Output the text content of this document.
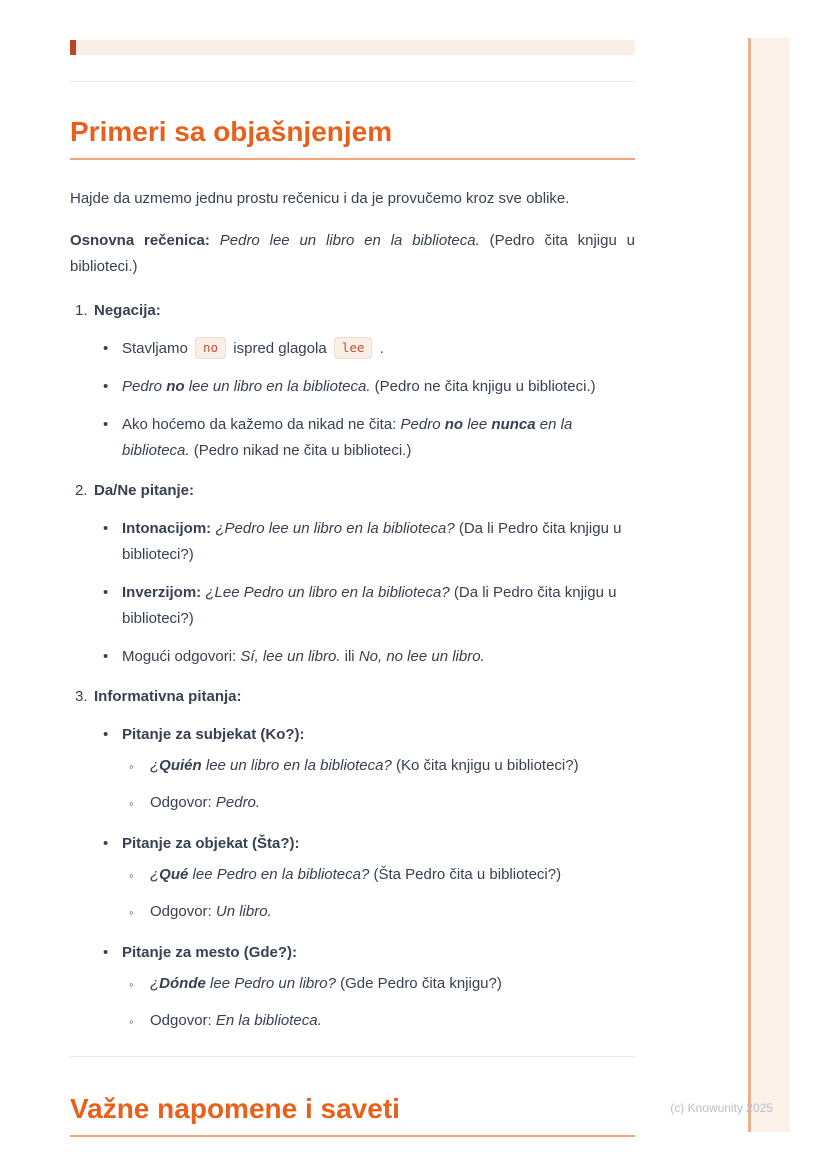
Primeri sa objašnjenjem

Hajde da uzmemo jednu prostu rečenicu i da je provučemo kroz sve oblike.

Osnovna rečenica: Pedro lee un libro en la biblioteca. (Pedro čita knjigu u biblioteci.)

1. Negacija:
• Stavljamo no ispred glagola lee .
• Pedro no lee un libro en la biblioteca. (Pedro ne čita knjigu u biblioteci.)
• Ako hoćemo da kažemo da nikad ne čita: Pedro no lee nunca en la biblioteca. (Pedro nikad ne čita u biblioteci.)
2. Da/Ne pitanje:
• Intonacijom: ¿Pedro lee un libro en la biblioteca? (Da li Pedro čita knjigu u biblioteci?)
• Inverzijom: ¿Lee Pedro un libro en la biblioteca? (Da li Pedro čita knjigu u biblioteci?)
• Mogući odgovori: Sí, lee un libro. ili No, no lee un libro.
3. Informativna pitanja:
• Pitanje za subjekat (Ko?):
◦ ¿Quién lee un libro en la biblioteca? (Ko čita knjigu u biblioteci?)
◦ Odgovor: Pedro.
• Pitanje za objekat (Šta?):
◦ ¿Qué lee Pedro en la biblioteca? (Šta Pedro čita u biblioteci?)
◦ Odgovor: Un libro.
• Pitanje za mesto (Gde?):
◦ ¿Dónde lee Pedro un libro? (Gde Pedro čita knjigu?)
◦ Odgovor: En la biblioteca.
Važne napomene i saveti	(c) Knowunity 2025
